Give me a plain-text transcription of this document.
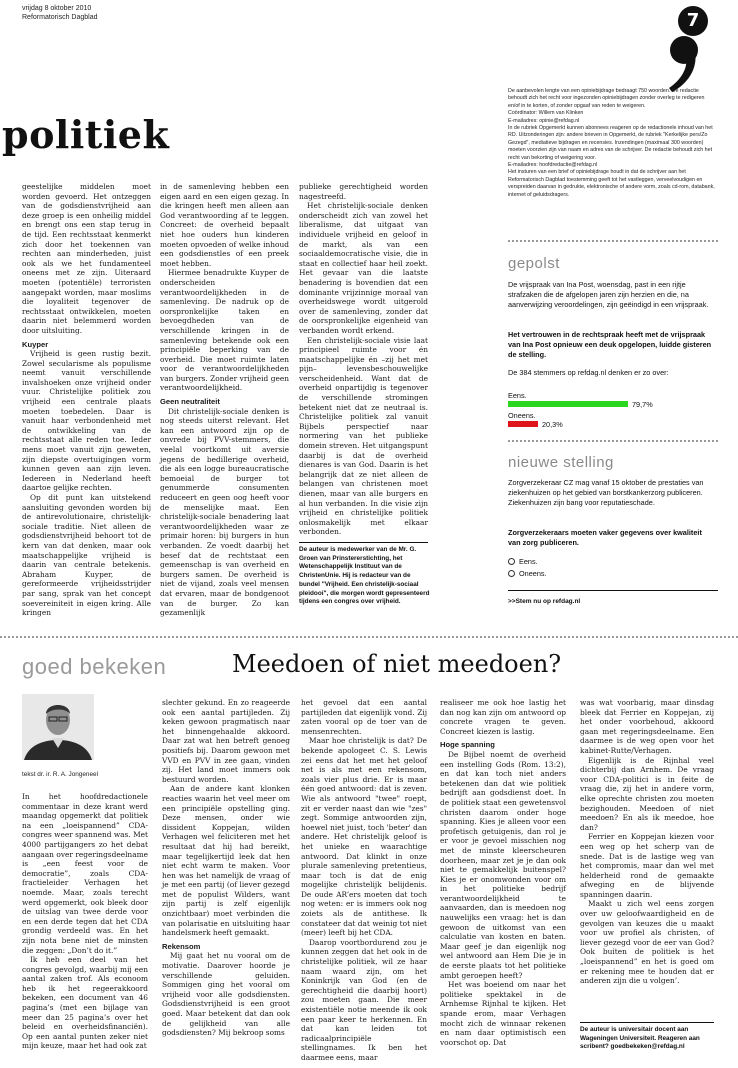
vrijdag 8 oktober 2010
Reformatorisch Dagblad	7
politiek
geestelijke middelen moet worden gevoerd. Het ontzeggen van de godsdienstvrijheid aan deze groep is een onheilig middel en brengt ons een stap terug in de tijd. Een rechtsstaat kenmerkt zich door het toekennen van rechten aan minderheden, juist ook als we het fundamenteel oneens met ze zijn. Uiteraard moeten (potentiële) terroristen aangepakt worden, maar moslims die loyaliteit tegenover de rechtsstaat ontwikkelen, moeten daarin niet belemmerd worden door uitsluiting.
Kuyper
Vrijheid is geen rustig bezit. Zowel secularisme als populisme neemt vanuit verschillende invalshoeken onze vrijheid onder vuur. Christelijke politiek zou vrijheid een centrale plaats moeten toebedelen. Daar is vanuit haar verbondenheid met de ontwikkeling van de rechtsstaat alle reden toe. Ieder mens moet vanuit zijn geweten, zijn diepste overtuigingen vorm kunnen geven aan zijn leven. Iedereen in Nederland heeft daartoe gelijke rechten.
Op dit punt kan uitstekend aansluiting gevonden worden bij de antirevolutionaire, christelijk-sociale traditie. Niet alleen de godsdienstvrijheid behoort tot de kern van dat denken, maar ook maatschappelijke vrijheid is daarin van centrale betekenis. Abraham Kuyper, de gereformeerde vrijheidsstrijder par sang, sprak van het concept soevereiniteit in eigen kring. Alle kringen
in de samenleving hebben een eigen aard en een eigen gezag. In die kringen heeft men alleen aan God verantwoording af te leggen. Concreet: de overheid bepaalt niet hoe ouders hun kinderen moeten opvoeden of welke inhoud een godsdienstles of een preek moet hebben.
Hiermee benadrukte Kuyper de onderscheiden verantwoordelijkheden in de samenleving. De nadruk op de oorspronkelijke taken en bevoegdheden van de verschillende kringen in de samenleving betekende ook een principiële beperking van de overheid. Die moet ruimte laten voor de verantwoordelijkheden van burgers. Zonder vrijheid geen verantwoordelijkheid.
Geen neutraliteit
Dit christelijk-sociale denken is nog steeds uiterst relevant. Het kan een antwoord zijn op de onvrede bij PVV-stemmers, die veelal voortkomt uit aversie jegens de bedillerige overheid, die als een logge bureaucratische bemoeial de burger tot genummerde consumenten reduceert en geen oog heeft voor de menselijke maat. Een christelijk-sociale benadering laat verantwoordelijkheden waar ze primair horen: bij burgers in hun verbanden. Ze voedt daarbij het besef dat de rechtstaat een gemeenschap is van overheid en burgers samen. De overheid is niet de vijand, zoals veel mensen dat ervaren, maar de bondgenoot van de burger. Zo kan gezamenlijk
publieke gerechtigheid worden nagestreefd.
Het christelijk-sociale denken onderscheidt zich van zowel het liberalisme, dat uitgaat van individuele vrijheid en geloof in de markt, als van een sociaaldemocratische visie, die in staat en collectief haar heil zoekt. Het gevaar van die laatste benadering is bovendien dat een dominante vrijzinnige moraal van overheidswege wordt uitgerold over de samenleving, zonder dat de oorspronkelijke eigenheid van verbanden wordt erkend.
Een christelijk-sociale visie laat principieel ruimte voor én maatschappelijke én –zij het met pijn– levensbeschouwelijke verscheidenheid. Want dat de overheid onpartijdig is tegenover de verschillende stromingen betekent niet dat ze neutraal is. Christelijke politiek zal vanuit Bijbels perspectief naar normering van het publieke domein streven. Het uitgangspunt daarbij is dat de overheid dienares is van God. Daarin is het belangrijk dat ze niet alleen de belangen van christenen moet dienen, maar van alle burgers en al hun verbanden. In die visie zijn vrijheid en christelijke politiek onlosmakelijk met elkaar verbonden.
De auteur is medewerker van de Mr. G. Groen van Prinstererstichting, het Wetenschappelijk Instituut van de ChristenUnie. Hij is redacteur van de bundel "Vrijheid. Een christelijk-sociaal pleidooi", die morgen wordt gepresenteerd tijdens een congres over vrijheid.
De aanbevolen lengte van een opiniebijdrage bedraagt 750 woorden. De redactie behoudt zich het recht voor ingezonden opiniebijdragen zonder overleg te redigeren en/of in te korten, of zonder opgaaf van reden te weigeren.
Coördinator: Willem van Klinken
E-mailadres: opinie@refdag.nl
In de rubriek Opgemerkt kunnen abonnees reageren op de redactionele inhoud van het RD. Uitzonderingen zijn: andere brieven in Opgemerkt, de rubriek "Kerkelijke pers/Zo Gezegd", mediatieve bijdragen en recensies. Inzendingen (maximaal 300 woorden) moeten voorzien zijn van naam en adres van de schrijver. De redactie behoudt zich het recht van bekorting of weigering voor.
E-mailadres: hoofdredactie@refdag.nl
Het insturen van een brief of opiniebijdrage houdt in dat de schrijver aan het Reformatorisch Dagblad toestemming geeft tot het vastleggen, verveelvoudigen en verspreiden daarvan in gedrukte, elektronische of andere vorm, zoals cd-rom, databank, internet of geluidsdragers.
gepolst
De vrijspraak van Ina Post, woensdag, past in een rijtje strafzaken die de afgelopen jaren zijn herzien en die, na aanverwijzing veroordelingen, zijn geëindigd in een vrijspraak.
Het vertrouwen in de rechtspraak heeft met de vrijspraak van Ina Post opnieuw een deuk opgelopen, luidde gisteren de stelling.
De 384 stemmers op refdag.nl denken er zo over:
Eens.
79,7%
Oneens.
20,3%
nieuwe stelling
Zorgverzekeraar CZ mag vanaf 15 oktober de prestaties van ziekenhuizen op het gebied van borstkankerzorg publiceren. Ziekenhuizen zijn bang voor reputatieschade.
Zorgverzekeraars moeten vaker gegevens over kwaliteit van zorg publiceren.
Eens.
Oneens.
>>Stem nu op refdag.nl
goed bekeken	Meedoen of niet meedoen?
tekst dr. ir. R. A. Jongeneel
In het hoofdredactionele commentaar in deze krant werd maandag opgemerkt dat politiek na een „loeispannend” CDA-congres weer spannend was. Met 4000 partijgangers zo het debat aangaan over regeringsdeelname is „een feest voor de democratie”, zoals CDA-fractieleider Verhagen het noemde. Maar, zoals terecht werd opgemerkt, ook bleek door de uitslag van twee derde voor en een derde tegen dat het CDA grondig verdeeld was. En het zijn nota bene niet de minsten die zeggen: „Don’t do it.”
Ik heb een deel van het congres gevolgd, waarbij mij een aantal zaken trof. Als econoom heb ik het regeerakkoord bekeken, een document van 46 pagina’s (met een bijlage van meer dan 25 pagina’s over het beleid en overheidsfinanciën). Op een aantal punten zeker niet mijn keuze, maar het had ook zat
slechter gekund. En zo reageerde ook een aantal partijleden. Zij keken gewoon pragmatisch naar het binnengehaalde akkoord. Daar zat wat hen betreft genoeg positiefs bij. Daarom gewoon met VVD en PVV in zee gaan, vinden zij. Het land moet immers ook bestuurd worden.
Aan de andere kant klonken reacties waarin het veel meer om een principiële opstelling ging. Deze mensen, onder wie dissident Koppejan, wilden Verhagen wel feliciteren met het resultaat dat hij had bereikt, maar tegelijkertijd leek dat hen niet echt warm te maken. Voor hen was het namelijk de vraag of je met een partij (of liever gezegd met de populist Wilders, want zijn partij is zelf eigenlijk onzichtbaar) moet verbinden die van polarisatie en uitsluiting haar handelsmerk heeft gemaakt.
Rekensom
Mij gaat het nu vooral om de motivatie. Daarover hoorde je verschillende geluiden. Sommigen ging het vooral om vrijheid voor alle godsdiensten. Godsdienstvrijheid is een groot goed. Maar betekent dat dan ook de gelijkheid van alle godsdiensten? Mij bekroop soms
het gevoel dat een aantal partijleden dat eigenlijk vond. Zij zaten vooral op de toer van de mensenrechten.
Maar hoe christelijk is dat? De bekende apologeet C. S. Lewis zei eens dat het met het geloof net is als met een rekensom, zoals vier plus drie. Er is maar één goed antwoord: dat is zeven. Wie als antwoord "twee" roept, zit er verder naast dan wie "zes" zegt. Sommige antwoorden zijn, hoewel niet juist, toch 'beter' dan andere. Het christelijk geloof is het unieke en waarachtige antwoord. Dat klinkt in onze plurale samenleving pretentieus, maar toch is dat de enig mogelijke christelijk belijdenis. De oude AR’ers moeten dat toch nog weten: er is immers ook nog zoiets als de antithese. Ik constateer dat dat weinig tot niet (meer) leeft bij het CDA.
Daarop voortbordurend zou je kunnen zeggen dat het ook in de christelijke politiek, wil ze haar naam waard zijn, om het Koninkrijk van God (en de gerechtigheid die daarbij hoort) zou moeten gaan. Die meer existentiële notie meende ik ook een paar keer te herkennen. En dat kan leiden tot radicaalprincipiële stellingnames. Ik ben het daarmee eens, maar
realiseer me ook hoe lastig het dan nog kan zijn om antwoord op concrete vragen te geven. Concreet kiezen is lastig.
Hoge spanning
De Bijbel noemt de overheid een instelling Gods (Rom. 13:2), en dat kan toch niet anders betekenen dan dat wie politiek bedrijft aan godsdienst doet. In de politiek staat een gewetensvol christen daarom onder hoge spanning. Kies je alleen voor een profetisch getuigenis, dan rol je er voor je gevoel misschien nog met de minste kleerscheuren doorheen, maar zet je je dan ook niet te gemakkelijk buitenspel? Kies je er onomwonden voor om in het politieke bedrijf verantwoordelijkheid te aanvaarden, dan is meedoen nog nauwelijks een vraag: het is dan gewoon de uitkomst van een calculatie van kosten en baten. Maar geef je dan eigenlijk nog wel antwoord aan Hem Die je in de eerste plaats tot het politieke ambt geroepen heeft?
Het was boeiend om naar het politieke spektakel in de Arnhemse Rijnhal te kijken. Het spande erom, maar Verhagen mocht zich de winnaar rekenen en nam daar optimistisch een voorschot op. Dat
was wat voorbarig, maar dinsdag bleek dat Ferrier en Koppejan, zij het onder voorbehoud, akkoord gaan met regeringsdeelname. Een daarmee is de weg open voor het kabinet-Rutte/Verhagen.
Eigenlijk is de Rijnhal veel dichterbij dan Arnhem. De vraag voor CDA-politici is in feite de vraag die, zij het in andere vorm, elke oprechte christen zou moeten bezighouden. Meedoen of niet meedoen? En als ik meedoe, hoe dan?
Ferrier en Koppejan kiezen voor een weg op het scherp van de snede. Dat is de lastige weg van het compromis, maar dan wel met helderheid rond de gemaakte afweging en de blijvende spanningen daarin.
Maakt u zich wel eens zorgen over uw geloofwaardigheid en de gevolgen van keuzes die u maakt voor uw profiel als christen, of liever gezegd voor de eer van God? Ook buiten de politiek is het „loeispannend” en het is goed om er rekening mee te houden dat er anderen zijn die u volgen’.
De auteur is universitair docent aan Wageningen Universiteit. Reageren aan scribent? goedbekeken@refdag.nl
